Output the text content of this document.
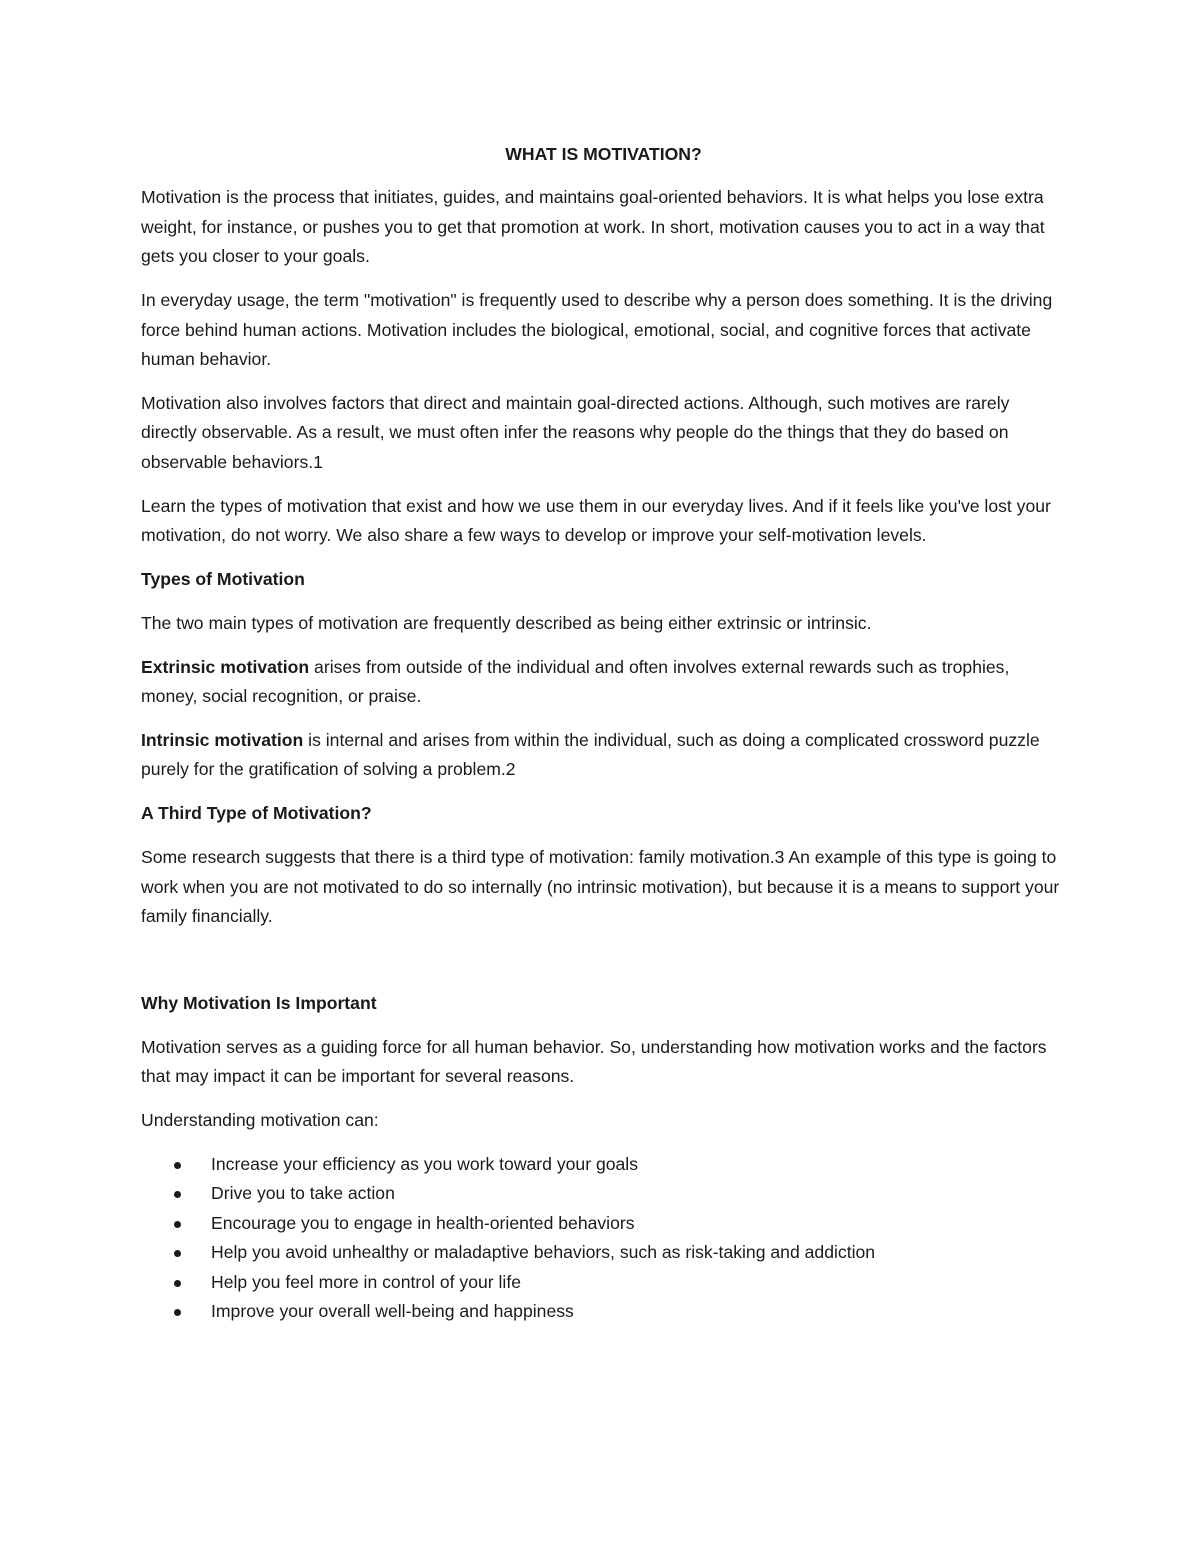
WHAT IS MOTIVATION?

Motivation is the process that initiates, guides, and maintains goal-oriented behaviors. It is what helps you lose extra weight, for instance, or pushes you to get that promotion at work. In short, motivation causes you to act in a way that gets you closer to your goals.

In everyday usage, the term "motivation" is frequently used to describe why a person does something. It is the driving force behind human actions. Motivation includes the biological, emotional, social, and cognitive forces that activate human behavior.

Motivation also involves factors that direct and maintain goal-directed actions. Although, such motives are rarely directly observable. As a result, we must often infer the reasons why people do the things that they do based on observable behaviors.1

Learn the types of motivation that exist and how we use them in our everyday lives. And if it feels like you've lost your motivation, do not worry. We also share a few ways to develop or improve your self-motivation levels.

Types of Motivation

The two main types of motivation are frequently described as being either extrinsic or intrinsic.

Extrinsic motivation arises from outside of the individual and often involves external rewards such as trophies, money, social recognition, or praise.

Intrinsic motivation is internal and arises from within the individual, such as doing a complicated crossword puzzle purely for the gratification of solving a problem.2

A Third Type of Motivation?

Some research suggests that there is a third type of motivation: family motivation.3 An example of this type is going to work when you are not motivated to do so internally (no intrinsic motivation), but because it is a means to support your family financially.

Why Motivation Is Important

Motivation serves as a guiding force for all human behavior. So, understanding how motivation works and the factors that may impact it can be important for several reasons.

Understanding motivation can:

Increase your efficiency as you work toward your goals
Drive you to take action
Encourage you to engage in health-oriented behaviors
Help you avoid unhealthy or maladaptive behaviors, such as risk-taking and addiction
Help you feel more in control of your life
Improve your overall well-being and happiness
